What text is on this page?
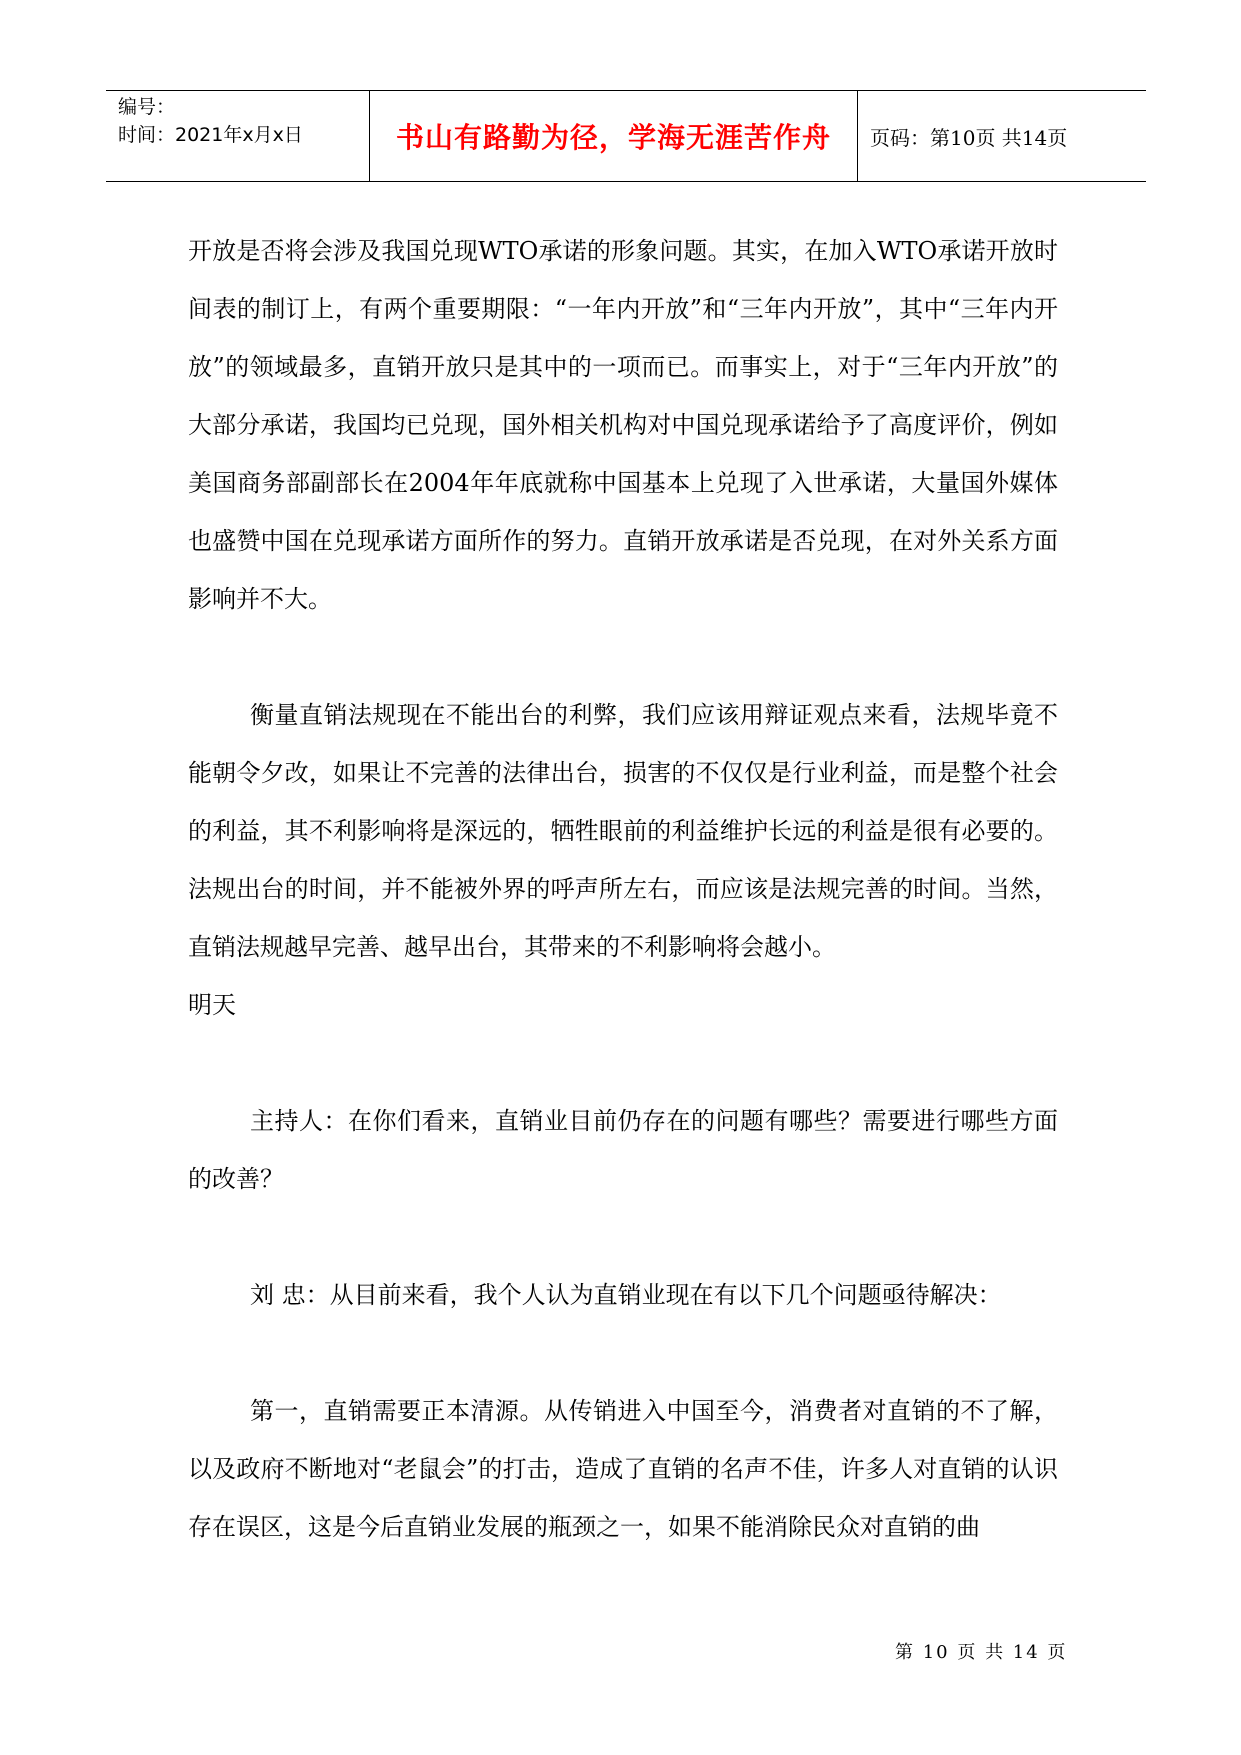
编号：
时间：2021年x月x日	书山有路勤为径，学海无涯苦作舟	页码：第10页 共14页

开放是否将会涉及我国兑现WTO承诺的形象问题。其实，在加入WTO承诺开放时间表的制订上，有两个重要期限：“一年内开放”和“三年内开放”，其中“三年内开放”的领域最多，直销开放只是其中的一项而已。而事实上，对于“三年内开放”的大部分承诺，我国均已兑现，国外相关机构对中国兑现承诺给予了高度评价，例如美国商务部副部长在2004年年底就称中国基本上兑现了入世承诺，大量国外媒体也盛赞中国在兑现承诺方面所作的努力。直销开放承诺是否兑现，在对外关系方面影响并不大。

衡量直销法规现在不能出台的利弊，我们应该用辩证观点来看，法规毕竟不能朝令夕改，如果让不完善的法律出台，损害的不仅仅是行业利益，而是整个社会的利益，其不利影响将是深远的，牺牲眼前的利益维护长远的利益是很有必要的。法规出台的时间，并不能被外界的呼声所左右，而应该是法规完善的时间。当然，直销法规越早完善、越早出台，其带来的不利影响将会越小。

明天

主持人：在你们看来，直销业目前仍存在的问题有哪些？需要进行哪些方面的改善？

刘 忠：从目前来看，我个人认为直销业现在有以下几个问题亟待解决：

第一，直销需要正本清源。从传销进入中国至今，消费者对直销的不了解，以及政府不断地对“老鼠会”的打击，造成了直销的名声不佳，许多人对直销的认识存在误区，这是今后直销业发展的瓶颈之一，如果不能消除民众对直销的曲

第 10 页 共 14 页
